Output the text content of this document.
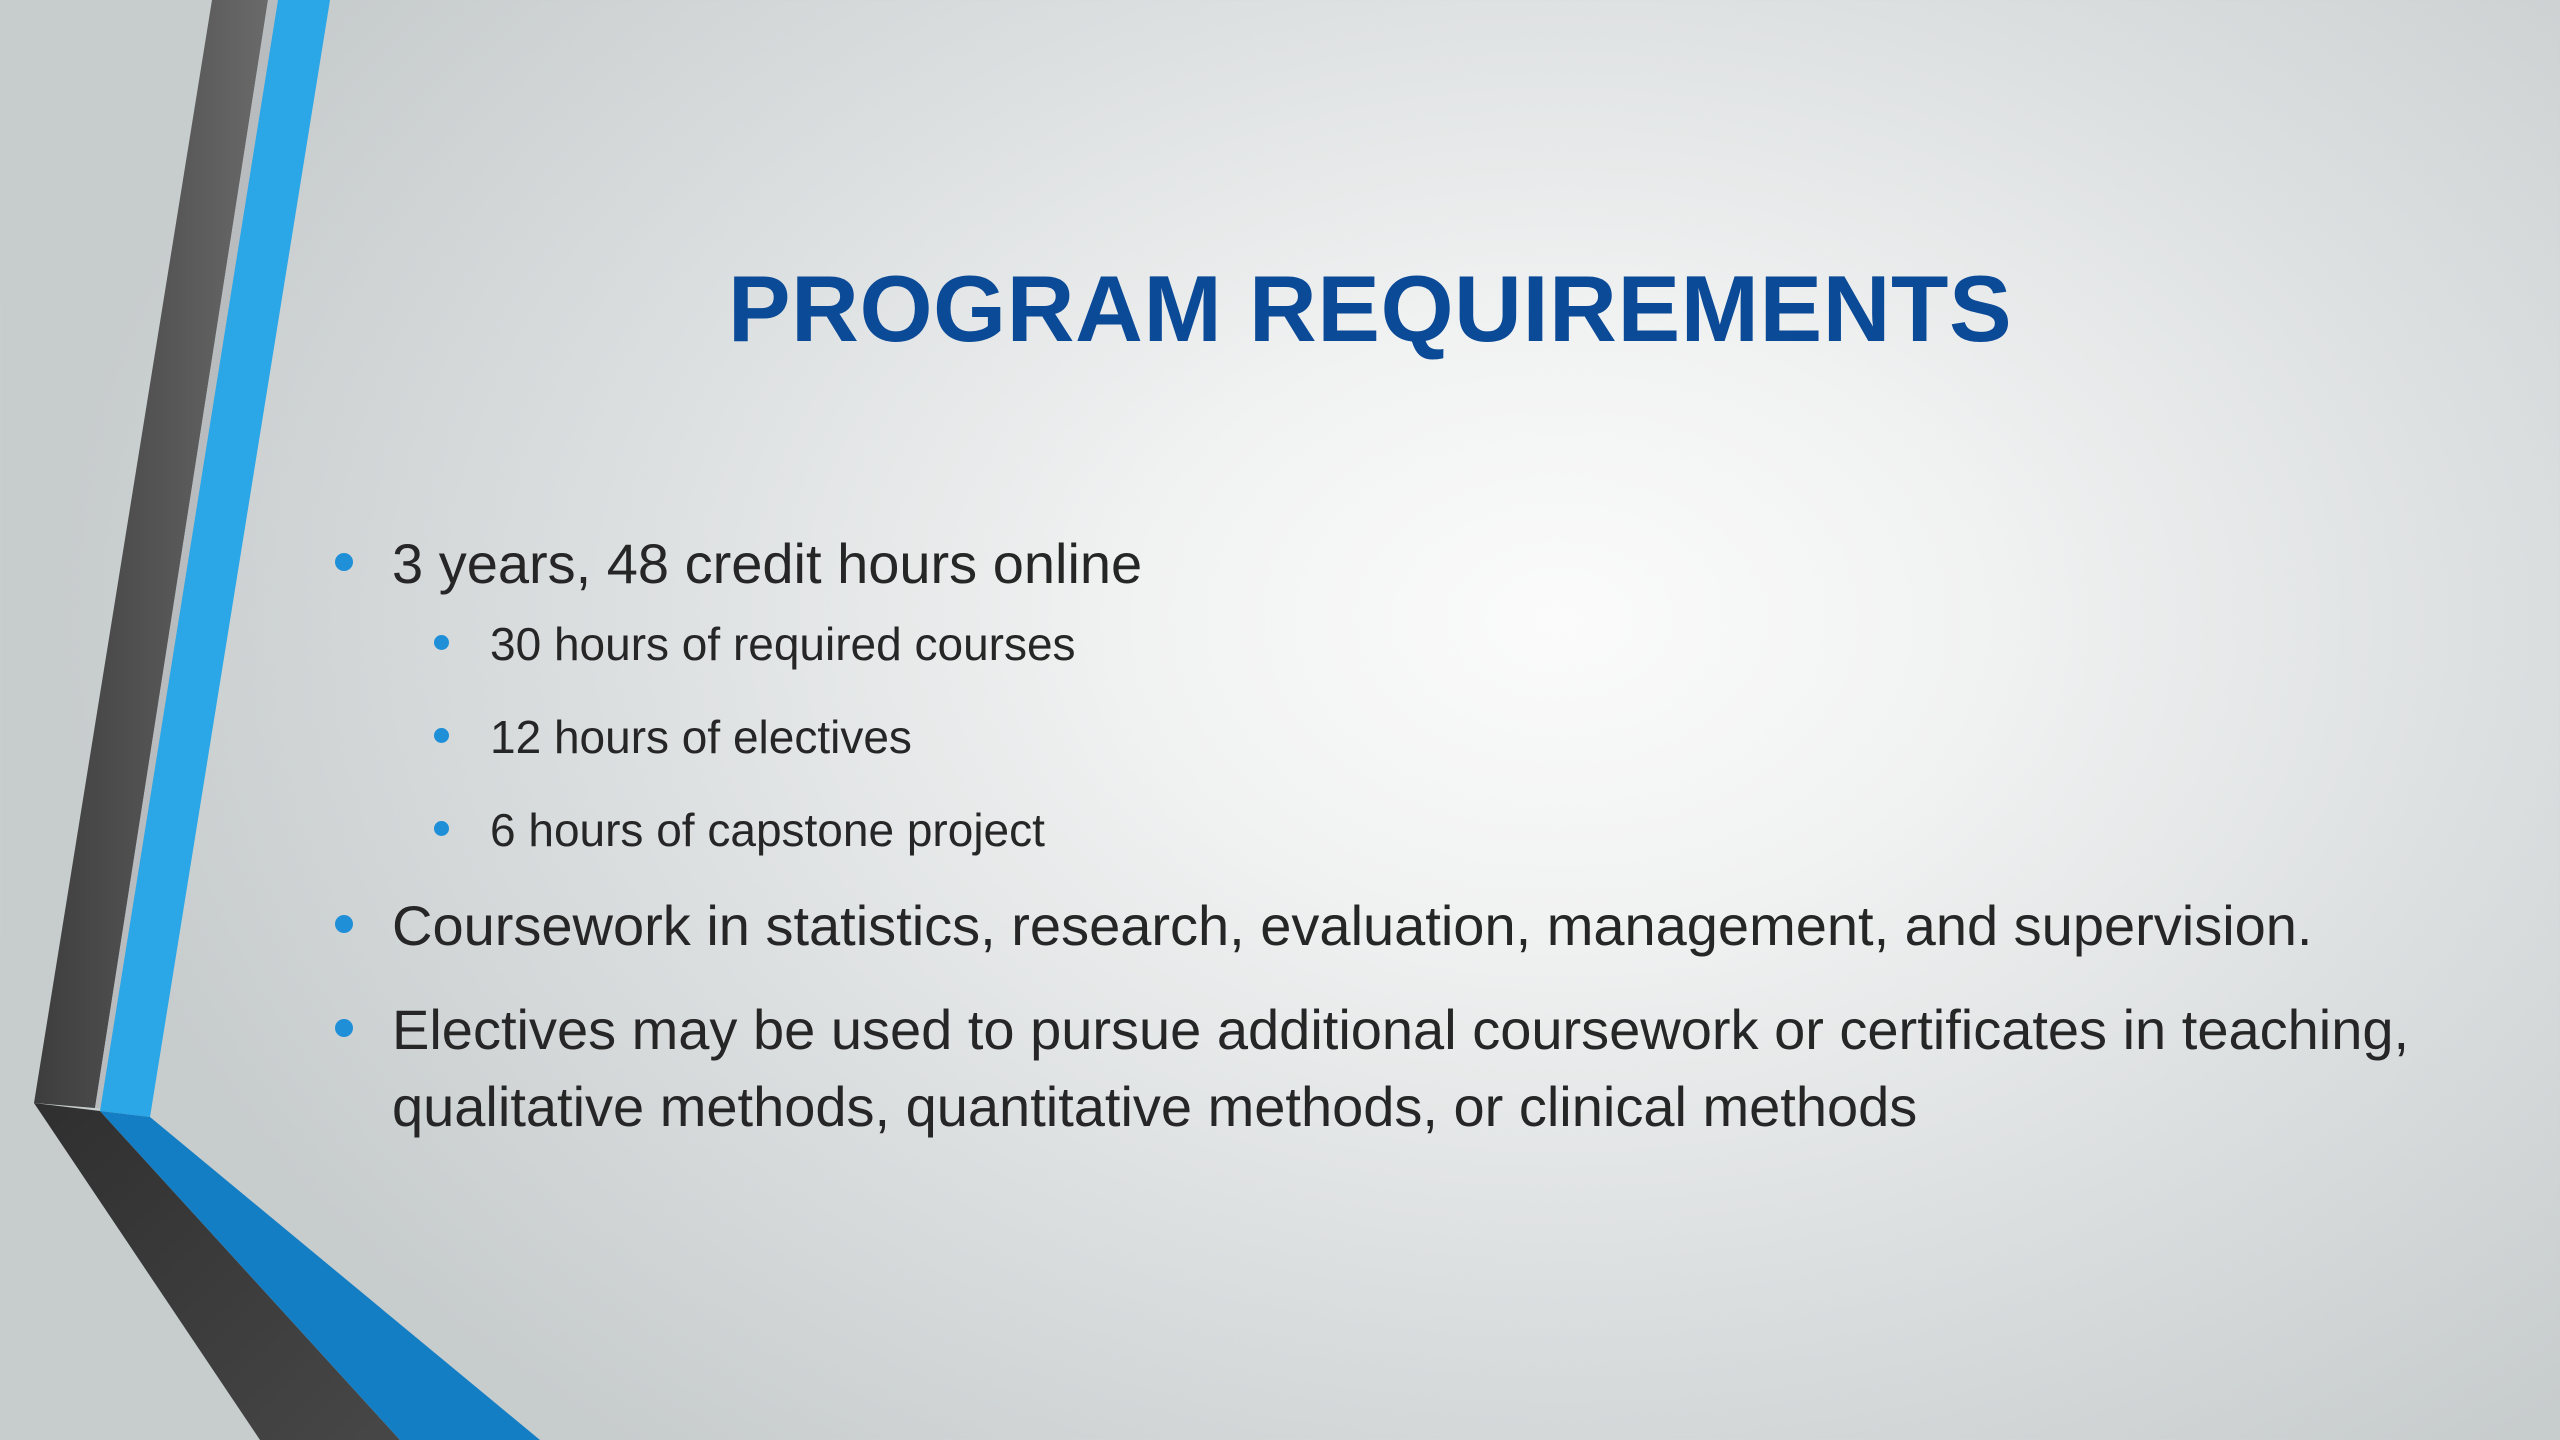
PROGRAM REQUIREMENTS
3 years, 48 credit hours online
30 hours of required courses
12 hours of electives
6 hours of capstone project
Coursework in statistics, research, evaluation, management, and supervision.
Electives may be used to pursue additional coursework or certificates in teaching, qualitative methods, quantitative methods, or clinical methods
